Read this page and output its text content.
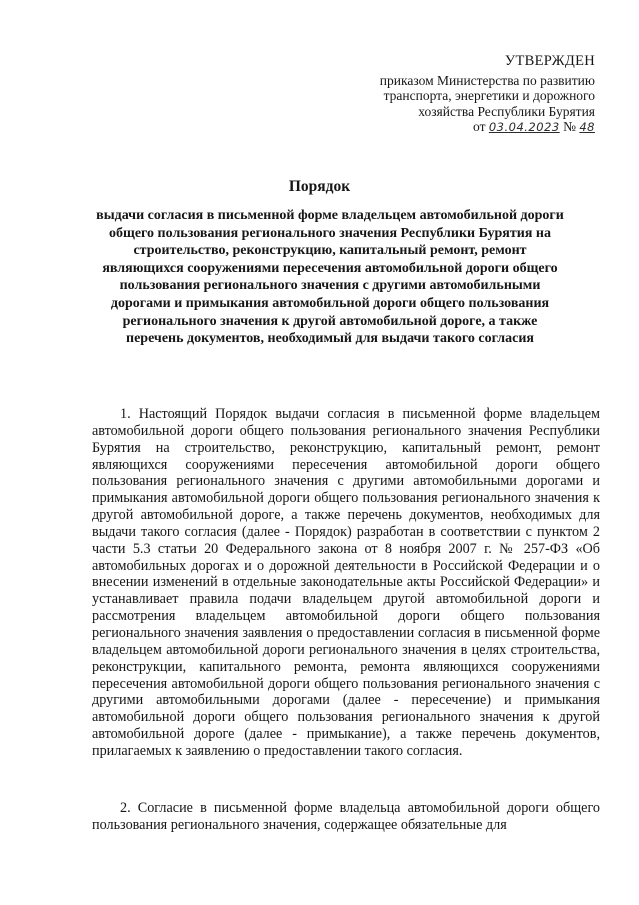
УТВЕРЖДЕН
приказом Министерства по развитию
транспорта, энергетики и дорожного
хозяйства Республики Бурятия
от 03.04.2023 № 48
Порядок
выдачи согласия в письменной форме владельцем автомобильной дороги общего пользования регионального значения Республики Бурятия на строительство, реконструкцию, капитальный ремонт, ремонт являющихся сооружениями пересечения автомобильной дороги общего пользования регионального значения с другими автомобильными дорогами и примыкания автомобильной дороги общего пользования регионального значения к другой автомобильной дороге, а также перечень документов, необходимый для выдачи такого согласия

1. Настоящий Порядок выдачи согласия в письменной форме владельцем автомобильной дороги общего пользования регионального значения Республики Бурятия на строительство, реконструкцию, капитальный ремонт, ремонт являющихся сооружениями пересечения автомобильной дороги общего пользования регионального значения с другими автомобильными дорогами и примыкания автомобильной дороги общего пользования регионального значения к другой автомобильной дороге, а также перечень документов, необходимых для выдачи такого согласия (далее - Порядок) разработан в соответствии с пунктом 2 части 5.3 статьи 20 Федерального закона от 8 ноября 2007 г. № 257-ФЗ «Об автомобильных дорогах и о дорожной деятельности в Российской Федерации и о внесении изменений в отдельные законодательные акты Российской Федерации» и устанавливает правила подачи владельцем другой автомобильной дороги и рассмотрения владельцем автомобильной дороги общего пользования регионального значения заявления о предоставлении согласия в письменной форме владельцем автомобильной дороги регионального значения в целях строительства, реконструкции, капитального ремонта, ремонта являющихся сооружениями пересечения автомобильной дороги общего пользования регионального значения с другими автомобильными дорогами (далее - пересечение) и примыкания автомобильной дороги общего пользования регионального значения к другой автомобильной дороге (далее - примыкание), а также перечень документов, прилагаемых к заявлению о предоставлении такого согласия.

2. Согласие в письменной форме владельца автомобильной дороги общего пользования регионального значения, содержащее обязательные для
